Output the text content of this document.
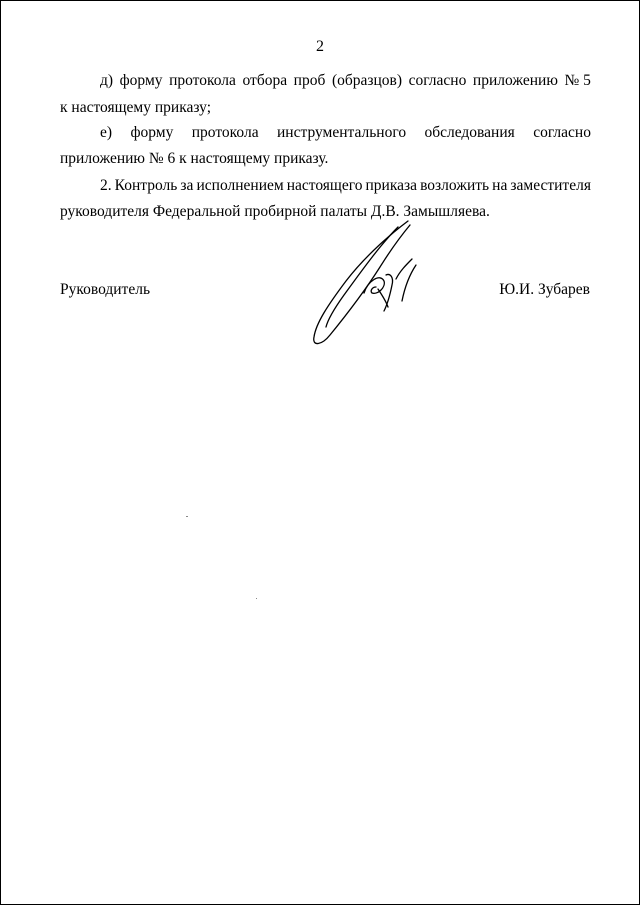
2
д) форму протокола отбора проб (образцов) согласно приложению № 5
к настоящему приказу;
е) форму протокола инструментального обследования согласно
приложению № 6 к настоящему приказу.
2. Контроль за исполнением настоящего приказа возложить на заместителя
руководителя Федеральной пробирной палаты Д.В. Замышляева.
Руководитель	Ю.И. Зубарев
